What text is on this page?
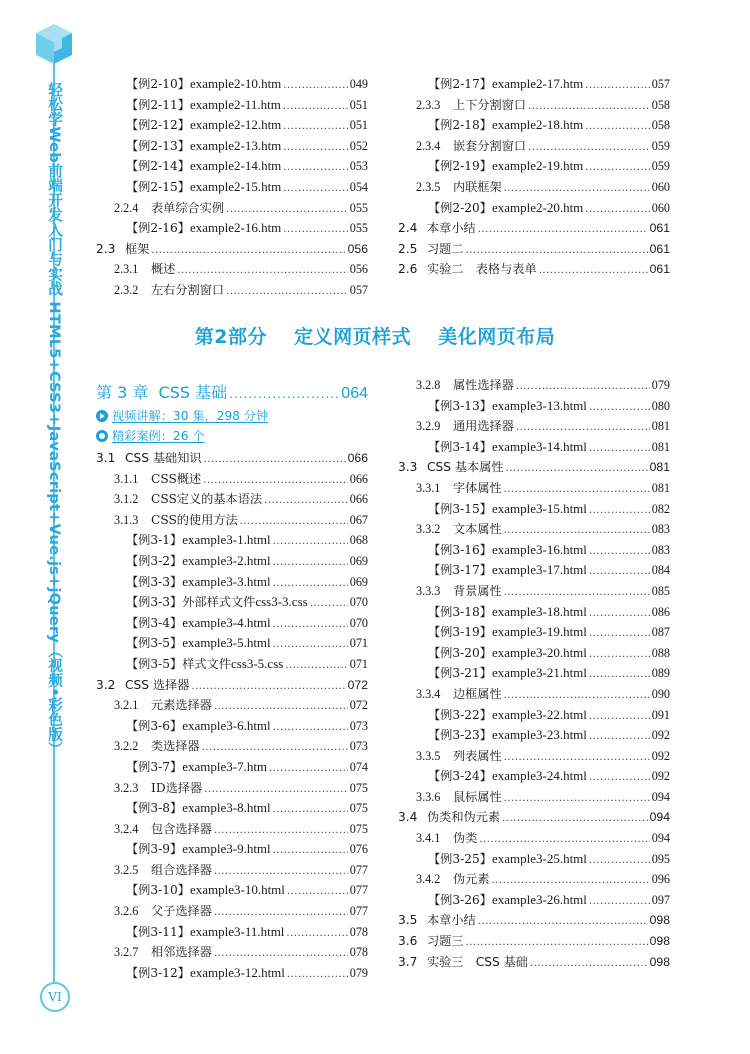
轻松学Web前端开发入门与实战 HTML5+CSS3+JavaScript+Vue.js+jQuery（视频•彩色版）
VI
【例2-10】 example2-10.htm .....	049
【例2-11】 example2-11.htm .....	051
【例2-12】 example2-12.htm .....	051
【例2-13】 example2-13.htm .....	052
【例2-14】 example2-14.htm .....	053
【例2-15】 example2-15.htm .....	054
2.2.4	表单综合实例 .....	055
【例2-16】 example2-16.htm .....	055
2.3 框架 .....	056
2.3.1	概述 .....	056
2.3.2	左右分割窗口 .....	057
【例2-17】 example2-17.htm .....	057
2.3.3	上下分割窗口 .....	058
【例2-18】 example2-18.htm .....	058
2.3.4	嵌套分割窗口 .....	059
【例2-19】 example2-19.htm .....	059
2.3.5	内联框架 .....	060
【例2-20】 example2-20.htm .....	060
2.4 本章小结 .....	061
2.5 习题二 .....	061
2.6 实验二　表格与表单 .....	061
第2部分 定义网页样式 美化网页布局
第 3 章
CSS 基础 .....	064
视频讲解：30 集，298 分钟
精彩案例：26 个
3.1 CSS 基础知识 .....	066
3.1.1	CSS概述 .....	066
3.1.2	CSS定义的基本语法 .....	066
3.1.3	CSS的使用方法 .....	067
【例3-1】 example3-1.html .....	068
【例3-2】 example3-2.html .....	069
【例3-3】 example3-3.html .....	069
【例3-3】外部样式文件 css3-3.css .....	070
【例3-4】 example3-4.html .....	070
【例3-5】 example3-5.html .....	071
【例3-5】样式文件 css3-5.css .....	071
3.2 CSS 选择器 .....	072
3.2.1	元素选择器 .....	072
【例3-6】 example3-6.html .....	073
3.2.2	类选择器 .....	073
【例3-7】 example3-7.htm .....	074
3.2.3	ID选择器 .....	075
【例3-8】 example3-8.html .....	075
3.2.4	包含选择器 .....	075
【例3-9】 example3-9.html .....	076
3.2.5	组合选择器 .....	077
【例3-10】 example3-10.html .....	077
3.2.6	父子选择器 .....	077
【例3-11】 example3-11.html .....	078
3.2.7	相邻选择器 .....	078
【例3-12】 example3-12.html .....	079
3.2.8	属性选择器 .....	079
【例3-13】 example3-13.html .....	080
3.2.9	通用选择器 .....	081
【例3-14】 example3-14.html .....	081
3.3 CSS 基本属性 .....	081
3.3.1	字体属性 .....	081
【例3-15】 example3-15.html .....	082
3.3.2	文本属性 .....	083
【例3-16】 example3-16.html .....	083
【例3-17】 example3-17.html .....	084
3.3.3	背景属性 .....	085
【例3-18】 example3-18.html .....	086
【例3-19】 example3-19.html .....	087
【例3-20】 example3-20.html .....	088
【例3-21】 example3-21.html .....	089
3.3.4	边框属性 .....	090
【例3-22】 example3-22.html .....	091
【例3-23】 example3-23.html .....	092
3.3.5	列表属性 .....	092
【例3-24】 example3-24.html .....	092
3.3.6	鼠标属性 .....	094
3.4 伪类和伪元素 .....	094
3.4.1	伪类 .....	094
【例3-25】 example3-25.html .....	095
3.4.2	伪元素 .....	096
【例3-26】 example3-26.html .....	097
3.5 本章小结 .....	098
3.6 习题三 .....	098
3.7 实验三　CSS 基础 .....	098
